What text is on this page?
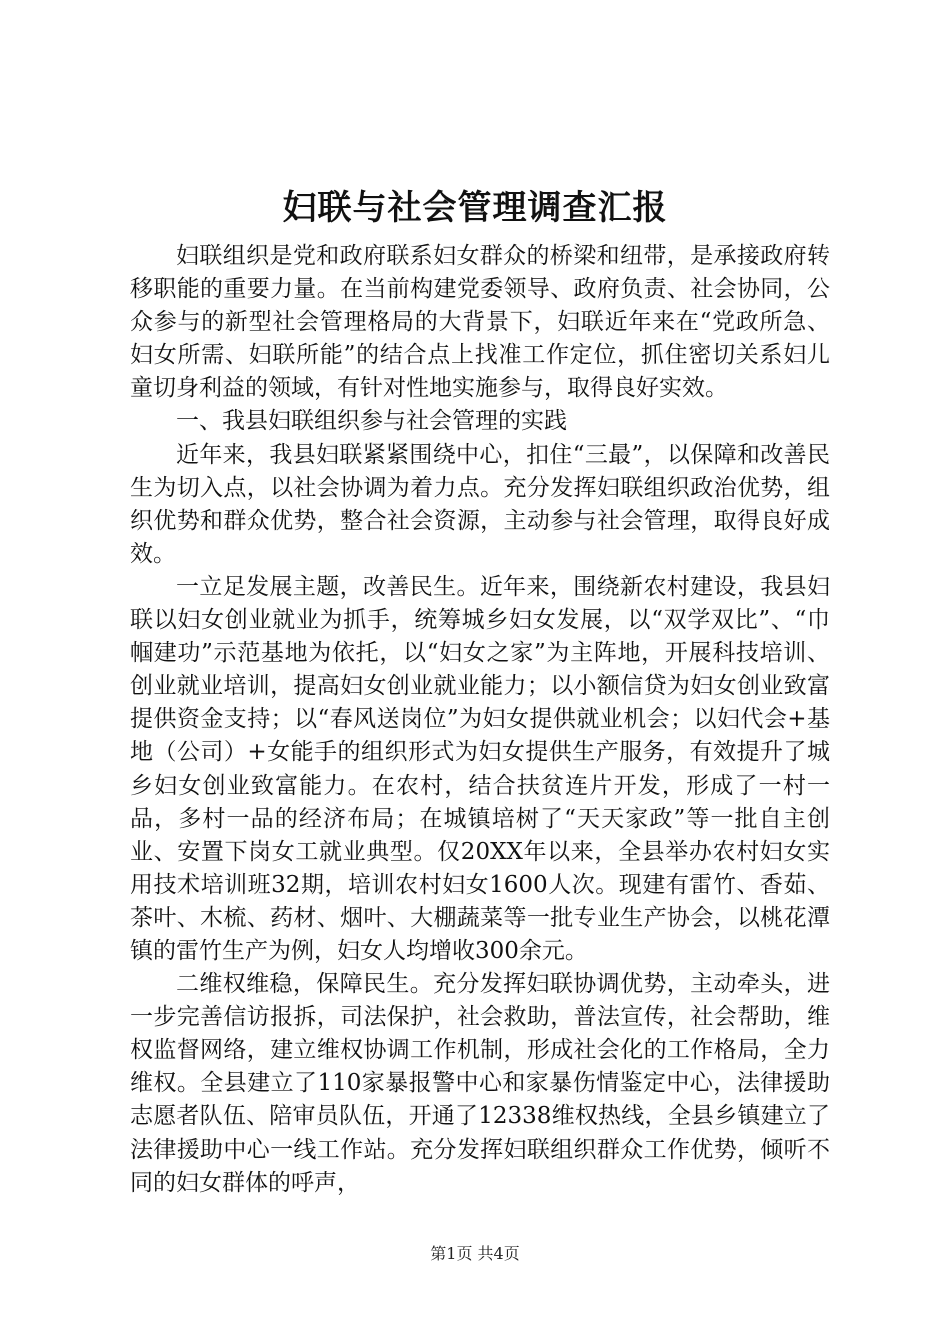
妇联与社会管理调查汇报

妇联组织是党和政府联系妇女群众的桥梁和纽带，是承接政府转移职能的重要力量。在当前构建党委领导、政府负责、社会协同，公众参与的新型社会管理格局的大背景下，妇联近年来在“党政所急、妇女所需、妇联所能”的结合点上找准工作定位，抓住密切关系妇儿童切身利益的领域，有针对性地实施参与，取得良好实效。

一、我县妇联组织参与社会管理的实践

近年来，我县妇联紧紧围绕中心，扣住“三最”，以保障和改善民生为切入点，以社会协调为着力点。充分发挥妇联组织政治优势，组织优势和群众优势，整合社会资源，主动参与社会管理，取得良好成效。

一立足发展主题，改善民生。近年来，围绕新农村建设，我县妇联以妇女创业就业为抓手，统筹城乡妇女发展，以“双学双比”、“巾帼建功”示范基地为依托，以“妇女之家”为主阵地，开展科技培训、创业就业培训，提高妇女创业就业能力；以小额信贷为妇女创业致富提供资金支持；以“春风送岗位”为妇女提供就业机会；以妇代会+基地（公司）+女能手的组织形式为妇女提供生产服务，有效提升了城乡妇女创业致富能力。在农村，结合扶贫连片开发，形成了一村一品，多村一品的经济布局；在城镇培树了“天天家政”等一批自主创业、安置下岗女工就业典型。仅20XX年以来，全县举办农村妇女实用技术培训班32期，培训农村妇女1600人次。现建有雷竹、香茹、茶叶、木梳、药材、烟叶、大棚蔬菜等一批专业生产协会，以桃花潭镇的雷竹生产为例，妇女人均增收300余元。

二维权维稳，保障民生。充分发挥妇联协调优势，主动牵头，进一步完善信访报拆，司法保护，社会救助，普法宣传，社会帮助，维权监督网络，建立维权协调工作机制，形成社会化的工作格局，全力维权。全县建立了110家暴报警中心和家暴伤情鉴定中心，法律援助志愿者队伍、陪审员队伍，开通了12338维权热线，全县乡镇建立了法律援助中心一线工作站。充分发挥妇联组织群众工作优势，倾听不同的妇女群体的呼声，

第1页 共4页
